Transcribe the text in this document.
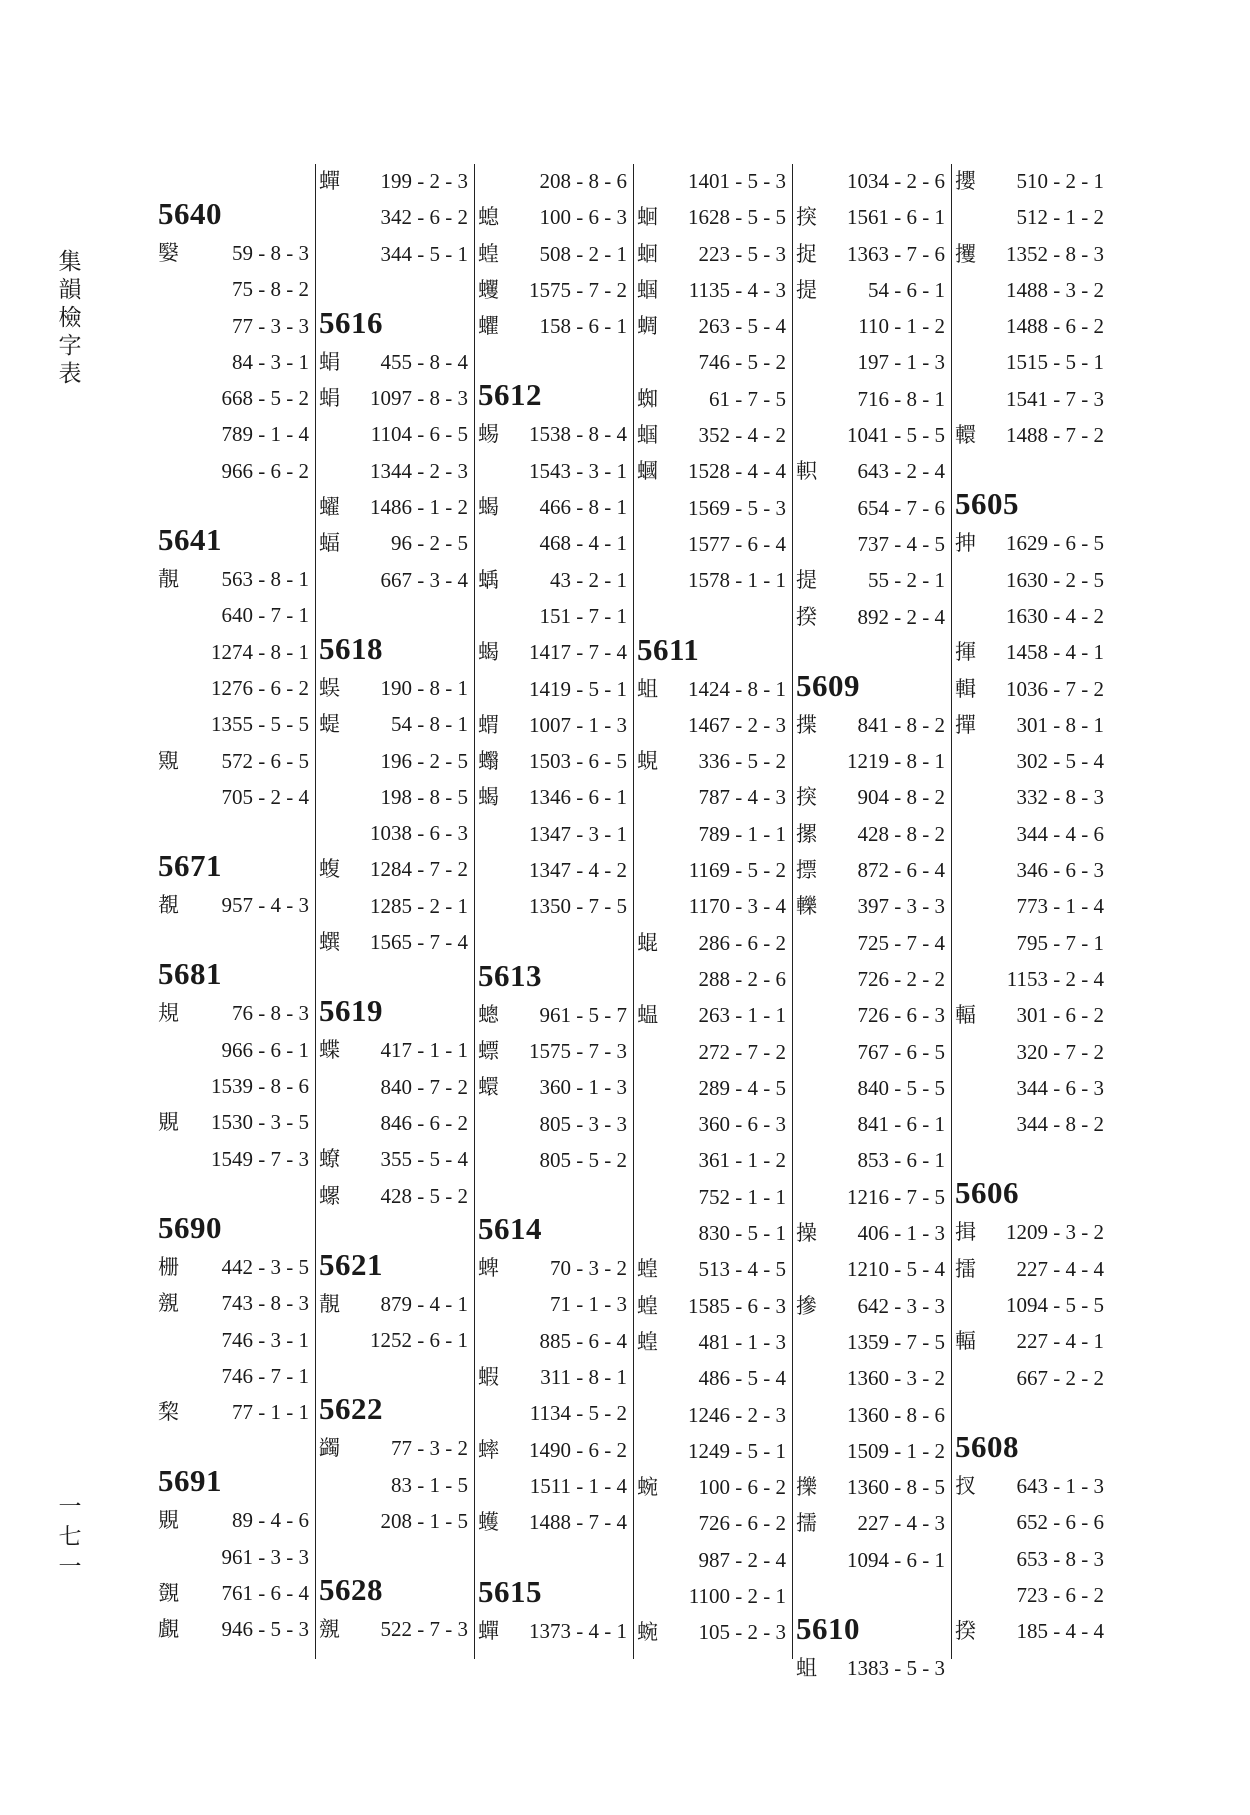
集韻檢字表
一七一
5640
嫛	59 - 8 - 3
75 - 8 - 2
77 - 3 - 3
84 - 3 - 1
668 - 5 - 2
789 - 1 - 4
966 - 6 - 2
5641
靚 563 - 8 - 1
640 - 7 - 1
1274 - 8 - 1
1276 - 6 - 2
1355 - 5 - 5
覭 572 - 6 - 5
705 - 2 - 4
5671
覩 957 - 4 - 3
5681
規	76 - 8 - 3
966 - 6 - 1
1539 - 8 - 6
覞 1530 - 3 - 5
1549 - 7 - 3
5690
栅 442 - 3 - 5
覫 743 - 8 - 3
746 - 3 - 1
746 - 7 - 1
棃	77 - 1 - 1
5691
覞	89 - 4 - 6
961 - 3 - 3
覴 761 - 6 - 4
覰 946 - 5 - 3
蟬 199 - 2 - 3
342 - 6 - 2
344 - 5 - 1
5616
蜎 455 - 8 - 4
蜎 1097 - 8 - 3
1104 - 6 - 5
1344 - 2 - 3
蠗 1486 - 1 - 2
蝠 96 - 2 - 5
667 - 3 - 4
5618
蜈 190 - 8 - 1
蝭 54 - 8 - 1
196 - 2 - 5
198 - 8 - 5
1038 - 6 - 3
蝮 1284 - 7 - 2
1285 - 2 - 1
蟤 1565 - 7 - 4
5619
蝶 417 - 1 - 1
840 - 7 - 2
846 - 6 - 2
蟟 355 - 5 - 4
螺 428 - 5 - 2
5621
靚 879 - 4 - 1
1252 - 6 - 1
5622
蠲 77 - 3 - 2
83 - 1 - 5
208 - 1 - 5
5628
覫 522 - 7 - 3
208 - 8 - 6
螅 100 - 6 - 3
蝗 508 - 2 - 1
蠼 1575 - 7 - 2
蠷 158 - 6 - 1
5612
蜴 1538 - 8 - 4
1543 - 3 - 1
蝎 466 - 8 - 1
468 - 4 - 1
蝺 43 - 2 - 1
151 - 7 - 1
蝎 1417 - 7 - 4
1419 - 5 - 1
蝟 1007 - 1 - 3
蠮 1503 - 6 - 5
蝎 1346 - 6 - 1
1347 - 3 - 1
1347 - 4 - 2
1350 - 7 - 5
5613
蟌 961 - 5 - 7
螵 1575 - 7 - 3
蠉 360 - 1 - 3
805 - 3 - 3
805 - 5 - 2
5614
蜱 70 - 3 - 2
71 - 1 - 3
885 - 6 - 4
蝦 311 - 8 - 1
1134 - 5 - 2
蟀 1490 - 6 - 2
1511 - 1 - 4
蠖 1488 - 7 - 4
5615
蟬 1373 - 4 - 1
1401 - 5 - 3
蛔 1628 - 5 - 5
蛔 223 - 5 - 3
蝈 1135 - 4 - 3
蜩 263 - 5 - 4
746 - 5 - 2
蜘 61 - 7 - 5
蝈 352 - 4 - 2
蟈 1528 - 4 - 4
1569 - 5 - 3
1577 - 6 - 4
1578 - 1 - 1
5611
蛆 1424 - 8 - 1
1467 - 2 - 3
蜆 336 - 5 - 2
787 - 4 - 3
789 - 1 - 1
1169 - 5 - 2
1170 - 3 - 4
蜫 286 - 6 - 2
288 - 2 - 6
蝹 263 - 1 - 1
272 - 7 - 2
289 - 4 - 5
360 - 6 - 3
361 - 1 - 2
752 - 1 - 1
830 - 5 - 1
蝗 513 - 4 - 5
蝗 1585 - 6 - 3
蝗 481 - 1 - 3
486 - 5 - 4
1246 - 2 - 3
1249 - 5 - 1
蜿 100 - 6 - 2
726 - 6 - 2
987 - 2 - 4
1100 - 2 - 1
蜿 105 - 2 - 3
1034 - 2 - 6
揬 1561 - 6 - 1
捉 1363 - 7 - 6
提 54 - 6 - 1
110 - 1 - 2
197 - 1 - 3
716 - 8 - 1
1041 - 5 - 5
軹 643 - 2 - 4
654 - 7 - 6
737 - 4 - 5
提 55 - 2 - 1
揆 892 - 2 - 4
5609
揲 841 - 8 - 2
1219 - 8 - 1
揬 904 - 8 - 2
摞 428 - 8 - 2
摽 872 - 6 - 4
轢 397 - 3 - 3
725 - 7 - 4
726 - 2 - 2
726 - 6 - 3
767 - 6 - 5
840 - 5 - 5
841 - 6 - 1
853 - 6 - 1
1216 - 7 - 5
操 406 - 1 - 3
1210 - 5 - 4
摻 642 - 3 - 3
1359 - 7 - 5
1360 - 3 - 2
1360 - 8 - 6
1509 - 1 - 2
擽 1360 - 8 - 5
擩 227 - 4 - 3
1094 - 6 - 1
5610
蛆 1383 - 5 - 3
攖 510 - 2 - 1
512 - 1 - 2
攫 1352 - 8 - 3
1488 - 3 - 2
1488 - 6 - 2
1515 - 5 - 1
1541 - 7 - 3
轘 1488 - 7 - 2
5605
抻 1629 - 6 - 5
1630 - 2 - 5
1630 - 4 - 2
揮 1458 - 4 - 1
輯 1036 - 7 - 2
撣 301 - 8 - 1
302 - 5 - 4
332 - 8 - 3
344 - 4 - 6
346 - 6 - 3
773 - 1 - 4
795 - 7 - 1
1153 - 2 - 4
輻 301 - 6 - 2
320 - 7 - 2
344 - 6 - 3
344 - 8 - 2
5606
揖 1209 - 3 - 2
擂 227 - 4 - 4
1094 - 5 - 5
輻 227 - 4 - 1
667 - 2 - 2
5608
扠 643 - 1 - 3
652 - 6 - 6
653 - 8 - 3
723 - 6 - 2
揆 185 - 4 - 4
